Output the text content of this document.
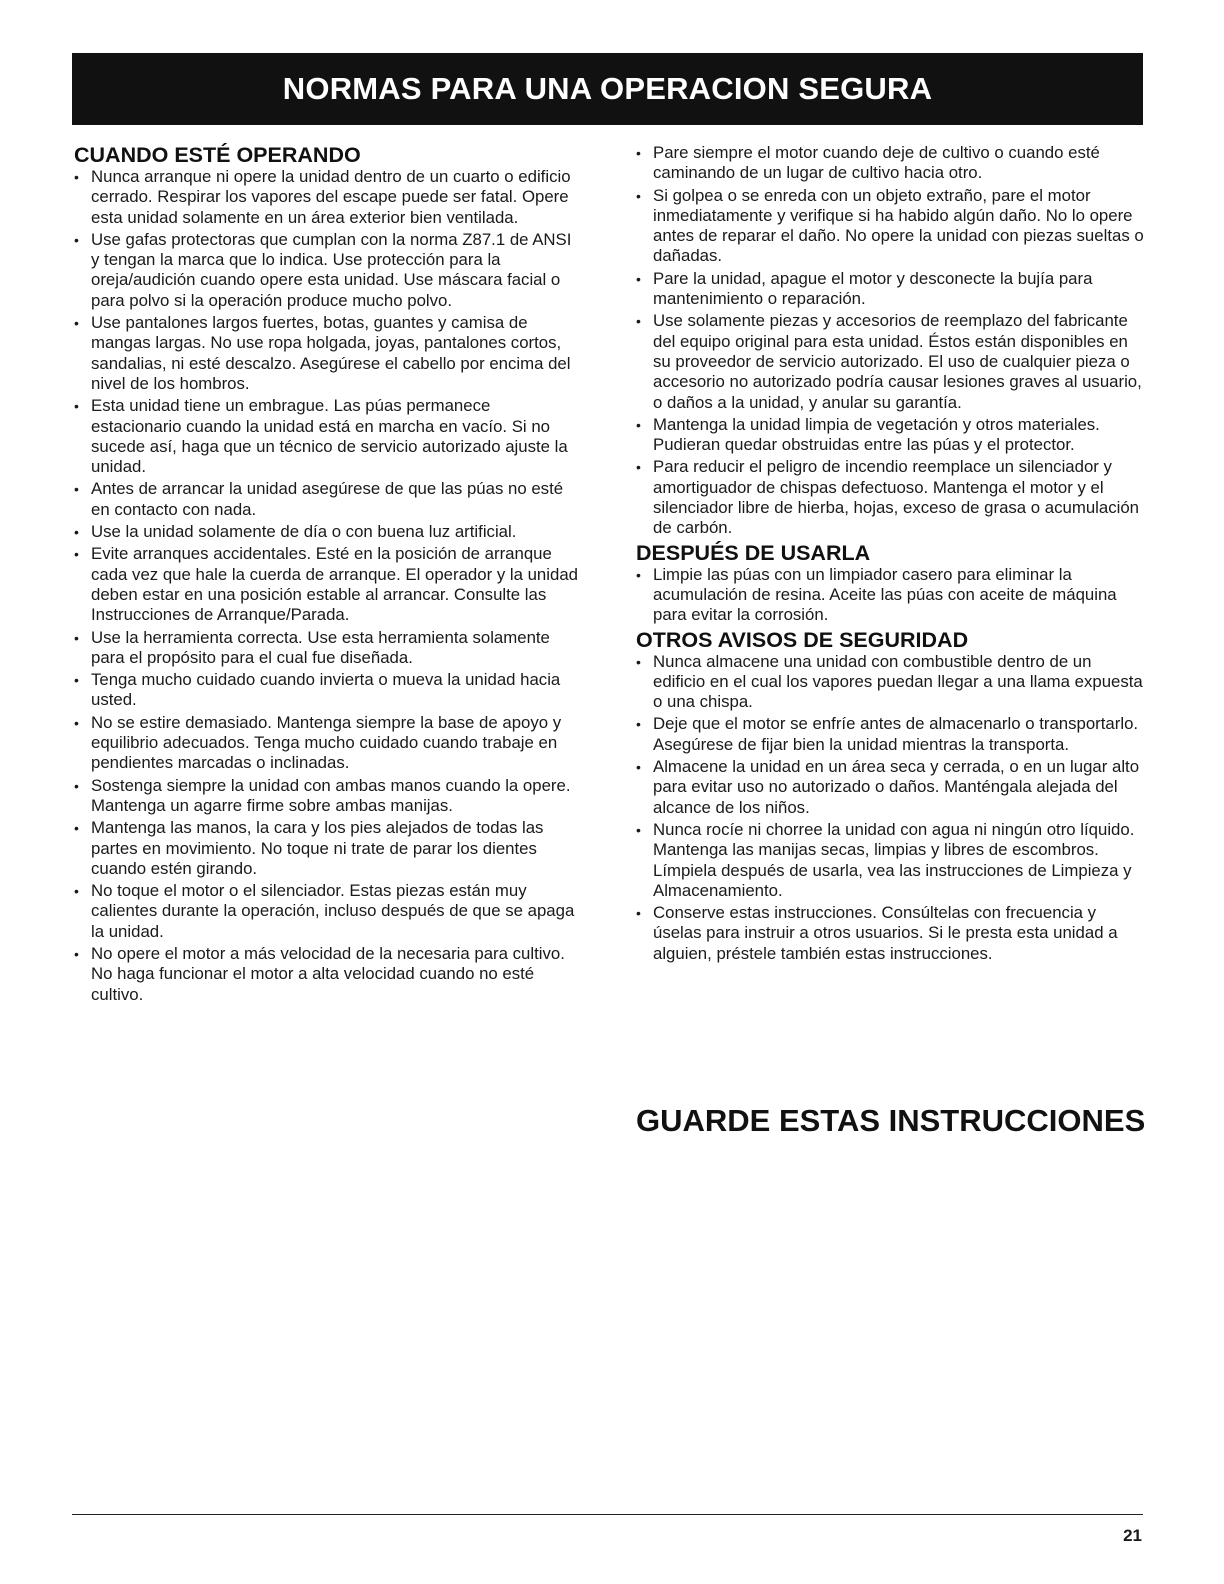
NORMAS PARA UNA OPERACION SEGURA
CUANDO ESTÉ OPERANDO
• Nunca arranque ni opere la unidad dentro de un cuarto o edificio cerrado. Respirar los vapores del escape puede ser fatal. Opere esta unidad solamente en un área exterior bien ventilada.
• Use gafas protectoras que cumplan con la norma Z87.1 de ANSI y tengan la marca que lo indica. Use protección para la oreja/audición cuando opere esta unidad. Use máscara facial o para polvo si la operación produce mucho polvo.
• Use pantalones largos fuertes, botas, guantes y camisa de mangas largas. No use ropa holgada, joyas, pantalones cortos, sandalias, ni esté descalzo. Asegúrese el cabello por encima del nivel de los hombros.
• Esta unidad tiene un embrague. Las púas permanece estacionario cuando la unidad está en marcha en vacío. Si no sucede así, haga que un técnico de servicio autorizado ajuste la unidad.
• Antes de arrancar la unidad asegúrese de que las púas no esté en contacto con nada.
• Use la unidad solamente de día o con buena luz artificial.
• Evite arranques accidentales. Esté en la posición de arranque cada vez que hale la cuerda de arranque. El operador y la unidad deben estar en una posición estable al arrancar. Consulte las Instrucciones de Arranque/Parada.
• Use la herramienta correcta. Use esta herramienta solamente para el propósito para el cual fue diseñada.
• Tenga mucho cuidado cuando invierta o mueva la unidad hacia usted.
• No se estire demasiado. Mantenga siempre la base de apoyo y equilibrio adecuados. Tenga mucho cuidado cuando trabaje en pendientes marcadas o inclinadas.
• Sostenga siempre la unidad con ambas manos cuando la opere. Mantenga un agarre firme sobre ambas manijas.
• Mantenga las manos, la cara y los pies alejados de todas las partes en movimiento. No toque ni trate de parar los dientes cuando estén girando.
• No toque el motor o el silenciador. Estas piezas están muy calientes durante la operación, incluso después de que se apaga la unidad.
• No opere el motor a más velocidad de la necesaria para cultivo. No haga funcionar el motor a alta velocidad cuando no esté cultivo.
• Pare siempre el motor cuando deje de cultivo o cuando esté caminando de un lugar de cultivo hacia otro.
• Si golpea o se enreda con un objeto extraño, pare el motor inmediatamente y verifique si ha habido algún daño. No lo opere antes de reparar el daño. No opere la unidad con piezas sueltas o dañadas.
• Pare la unidad, apague el motor y desconecte la bujía para mantenimiento o reparación.
• Use solamente piezas y accesorios de reemplazo del fabricante del equipo original para esta unidad. Éstos están disponibles en su proveedor de servicio autorizado. El uso de cualquier pieza o accesorio no autorizado podría causar lesiones graves al usuario, o daños a la unidad, y anular su garantía.
• Mantenga la unidad limpia de vegetación y otros materiales. Pudieran quedar obstruidas entre las púas y el protector.
• Para reducir el peligro de incendio reemplace un silenciador y amortiguador de chispas defectuoso. Mantenga el motor y el silenciador libre de hierba, hojas, exceso de grasa o acumulación de carbón.
DESPUÉS DE USARLA
• Limpie las púas con un limpiador casero para eliminar la acumulación de resina. Aceite las púas con aceite de máquina para evitar la corrosión.
OTROS AVISOS DE SEGURIDAD
• Nunca almacene una unidad con combustible dentro de un edificio en el cual los vapores puedan llegar a una llama expuesta o una chispa.
• Deje que el motor se enfríe antes de almacenarlo o transportarlo. Asegúrese de fijar bien la unidad mientras la transporta.
• Almacene la unidad en un área seca y cerrada, o en un lugar alto para evitar uso no autorizado o daños. Manténgala alejada del alcance de los niños.
• Nunca rocíe ni chorree la unidad con agua ni ningún otro líquido. Mantenga las manijas secas, limpias y libres de escombros. Límpiela después de usarla, vea las instrucciones de Limpieza y Almacenamiento.
• Conserve estas instrucciones. Consúltelas con frecuencia y úselas para instruir a otros usuarios. Si le presta esta unidad a alguien, préstele también estas instrucciones.
GUARDE ESTAS INSTRUCCIONES
21
